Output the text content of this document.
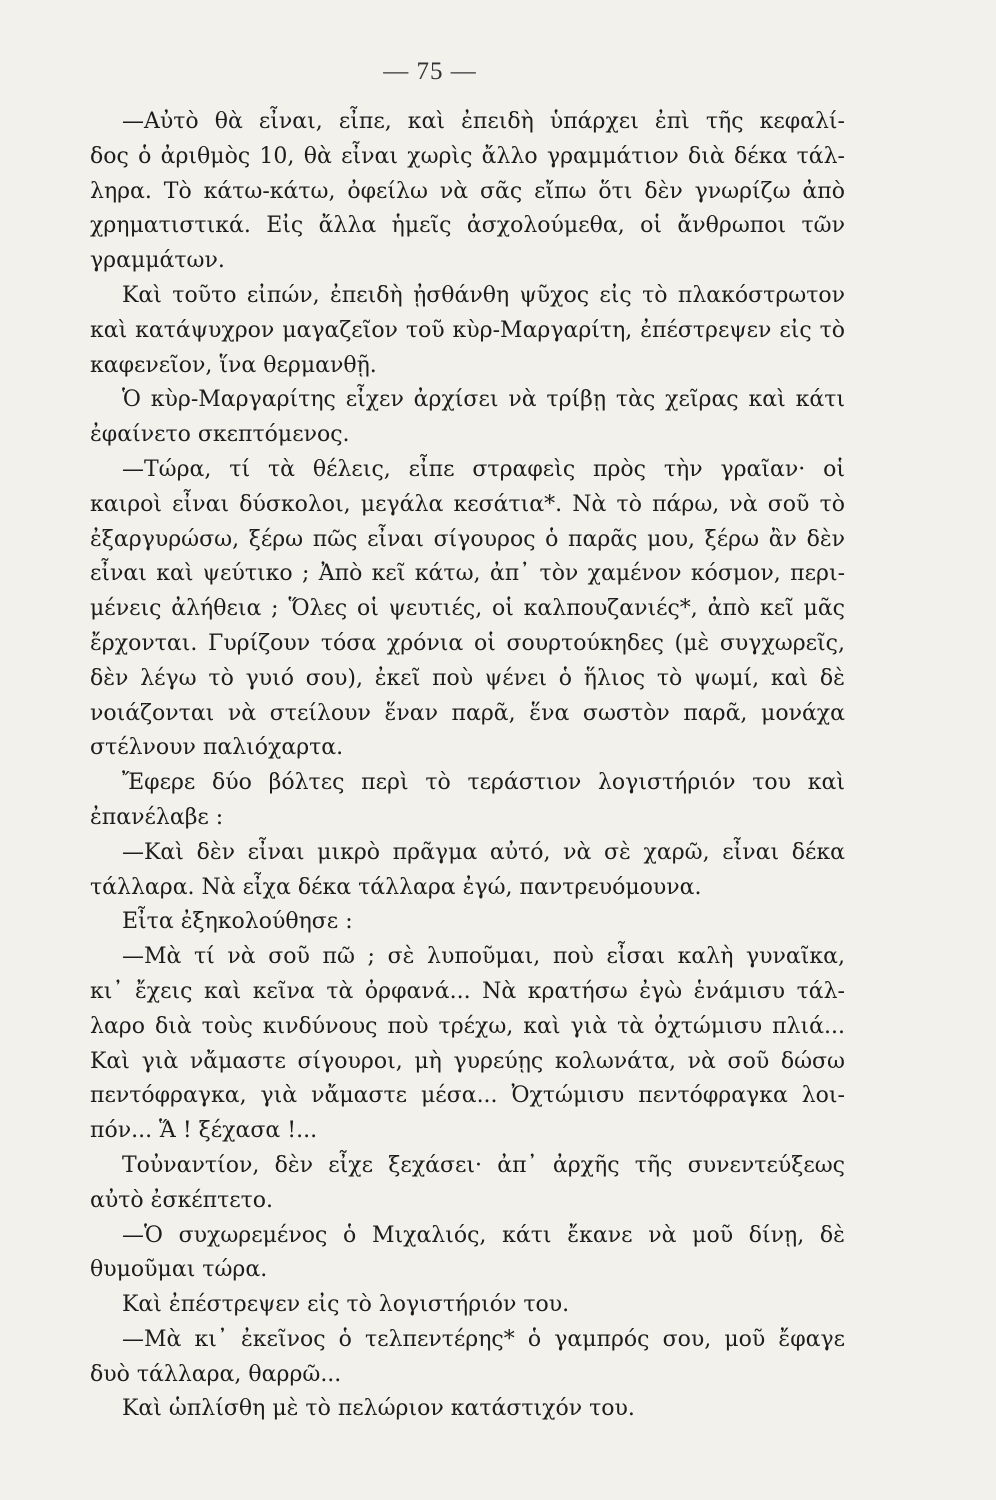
— 75 —
—Αὐτὸ θὰ εἶναι, εἶπε, καὶ ἐπειδὴ ὑπάρχει ἐπὶ τῆς κεφαλί-
δος ὁ ἀριθμὸς 10, θὰ εἶναι χωρὶς ἄλλο γραμμάτιον διὰ δέκα τάλ-
ληρα. Τὸ κάτω-κάτω, ὀφείλω νὰ σᾶς εἴπω ὅτι δὲν γνωρίζω ἀπὸ
χρηματιστικά. Εἰς ἄλλα ἡμεῖς ἀσχολούμεθα, οἱ ἄνθρωποι τῶν
γραμμάτων.
Καὶ τοῦτο εἰπών, ἐπειδὴ ᾐσθάνθη ψῦχος εἰς τὸ πλακόστρωτον
καὶ κατάψυχρον μαγαζεῖον τοῦ κὺρ-Μαργαρίτη, ἐπέστρεψεν εἰς τὸ
καφενεῖον, ἵνα θερμανθῇ.
Ὁ κὺρ-Μαργαρίτης εἶχεν ἀρχίσει νὰ τρίβῃ τὰς χεῖρας καὶ κάτι
ἐφαίνετο σκεπτόμενος.
—Τώρα, τί τὰ θέλεις, εἶπε στραφεὶς πρὸς τὴν γραῖαν· οἱ
καιροὶ εἶναι δύσκολοι, μεγάλα κεσάτια*. Νὰ τὸ πάρω, νὰ σοῦ τὸ
ἐξαργυρώσω, ξέρω πῶς εἶναι σίγουρος ὁ παρᾶς μου, ξέρω ἂν δὲν
εἶναι καὶ ψεύτικο ; Ἀπὸ κεῖ κάτω, ἀπ᾽ τὸν χαμένον κόσμον, περι-
μένεις ἀλήθεια ; Ὅλες οἱ ψευτιές, οἱ καλπουζανιές*, ἀπὸ κεῖ μᾶς
ἔρχονται. Γυρίζουν τόσα χρόνια οἱ σουρτούκηδες (μὲ συγχωρεῖς,
δὲν λέγω τὸ γυιό σου), ἐκεῖ ποὺ ψένει ὁ ἥλιος τὸ ψωμί, καὶ δὲ
νοιάζονται νὰ στείλουν ἕναν παρᾶ, ἕνα σωστὸν παρᾶ, μονάχα
στέλνουν παλιόχαρτα.
Ἔφερε δύο βόλτες περὶ τὸ τεράστιον λογιστήριόν του καὶ
ἐπανέλαβε :
—Καὶ δὲν εἶναι μικρὸ πρᾶγμα αὐτό, νὰ σὲ χαρῶ, εἶναι δέκα
τάλλαρα. Νὰ εἶχα δέκα τάλλαρα ἐγώ, παντρευόμουνα.
Εἶτα ἐξηκολούθησε :
—Μὰ τί νὰ σοῦ πῶ ; σὲ λυποῦμαι, ποὺ εἶσαι καλὴ γυναῖκα,
κι᾽ ἔχεις καὶ κεῖνα τὰ ὀρφανά... Νὰ κρατήσω ἐγὼ ἑνάμισυ τάλ-
λαρο διὰ τοὺς κινδύνους ποὺ τρέχω, καὶ γιὰ τὰ ὀχτώμισυ πλιά...
Καὶ γιὰ νἄμαστε σίγουροι, μὴ γυρεύῃς κολωνάτα, νὰ σοῦ δώσω
πεντόφραγκα, γιὰ νἄμαστε μέσα... Ὀχτώμισυ πεντόφραγκα λοι-
πόν... Ἅ ! ξέχασα !...
Τοὐναντίον, δὲν εἶχε ξεχάσει· ἀπ᾽ ἀρχῆς τῆς συνεντεύξεως
αὐτὸ ἐσκέπτετο.
—Ὁ συχωρεμένος ὁ Μιχαλιός, κάτι ἔκανε νὰ μοῦ δίνῃ, δὲ
θυμοῦμαι τώρα.
Καὶ ἐπέστρεψεν εἰς τὸ λογιστήριόν του.
—Μὰ κι᾽ ἐκεῖνος ὁ τελπεντέρης* ὁ γαμπρός σου, μοῦ ἔφαγε
δυὸ τάλλαρα, θαρρῶ...
Καὶ ὡπλίσθη μὲ τὸ πελώριον κατάστιχόν του.
